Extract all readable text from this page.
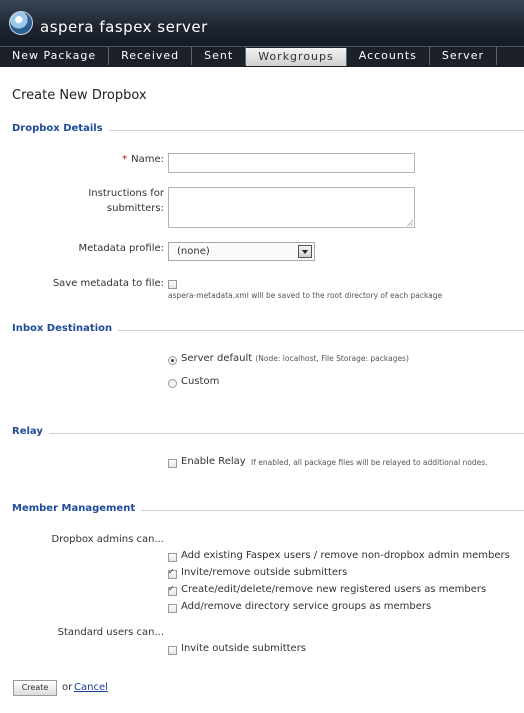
aspera faspex server
New Package	Received	Sent	Workgroups	Accounts	Server
Create New Dropbox
Dropbox Details
* Name:
Instructions for
submitters:
Metadata profile: (none)
Save metadata to file:
aspera-metadata.xml will be saved to the root directory of each package
Inbox Destination
Server default (Node: localhost, File Storage: packages)
Custom
Relay
Enable Relay If enabled, all package files will be relayed to additional nodes.
Member Management
Dropbox admins can...
Add existing Faspex users / remove non-dropbox admin members
✓
Invite/remove outside submitters
✓
Create/edit/delete/remove new registered users as members
Add/remove directory service groups as members
Standard users can...
Invite outside submitters
Create	or Cancel
